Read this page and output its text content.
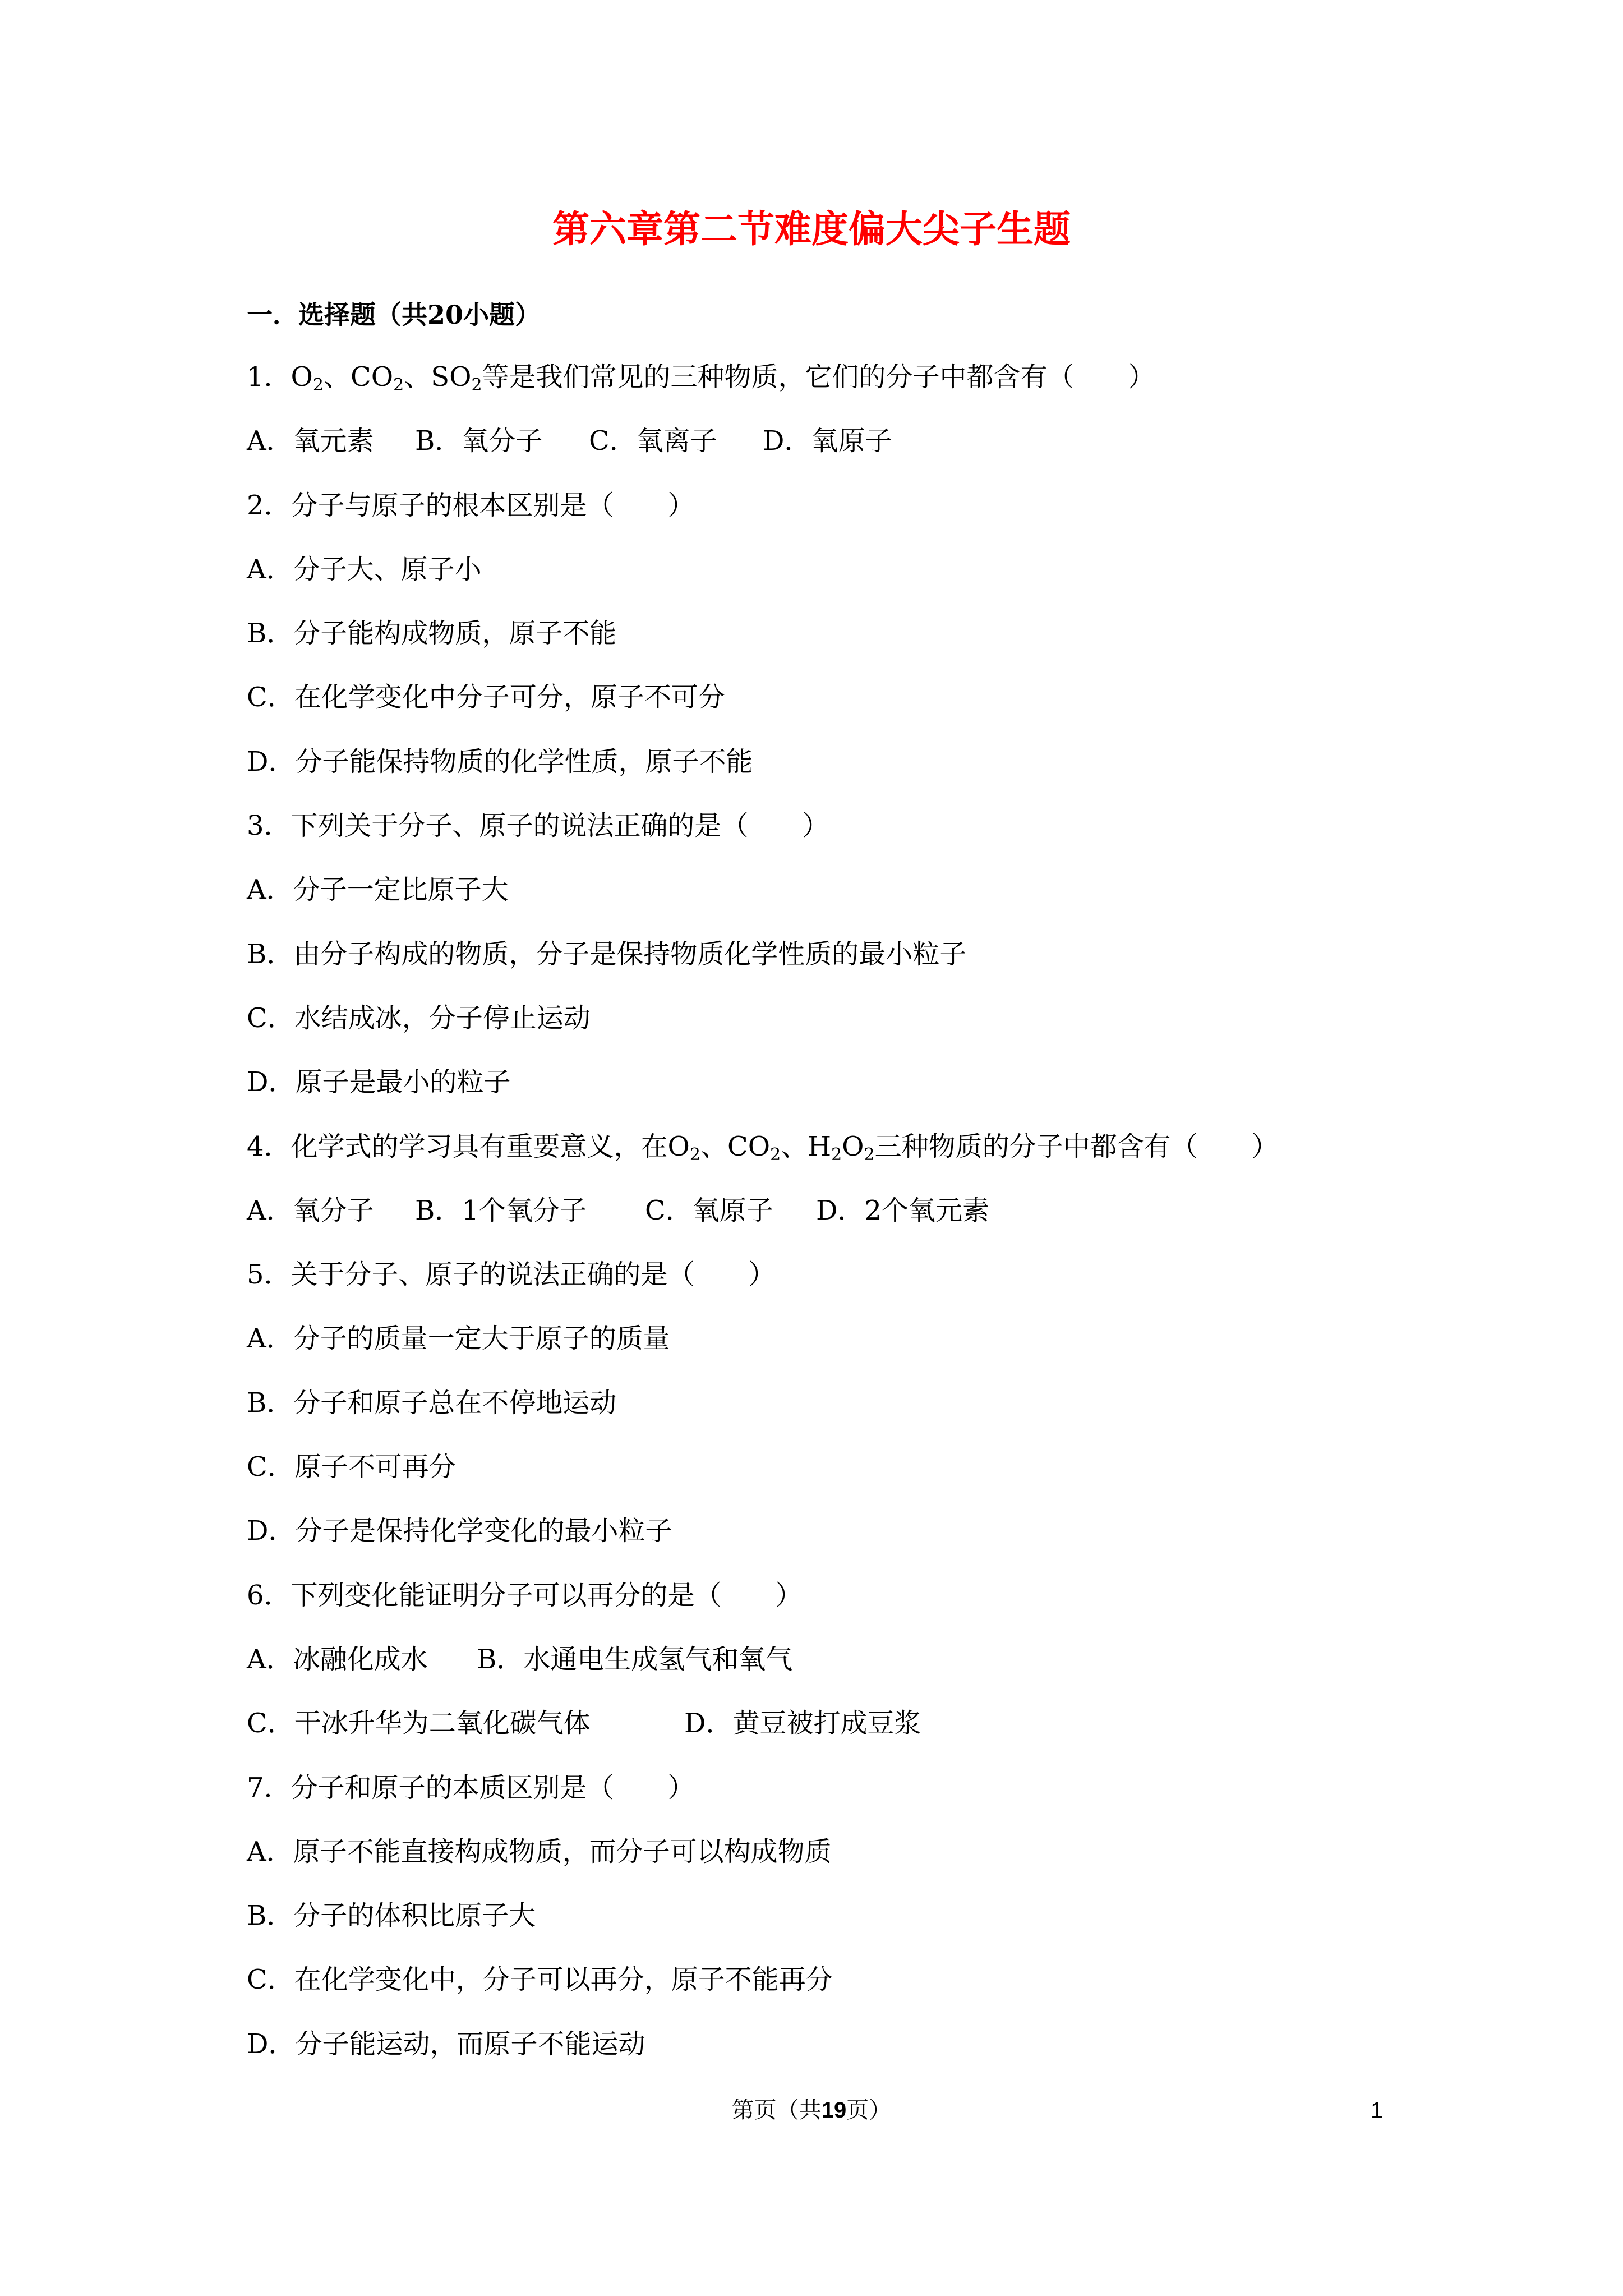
第六章第二节难度偏大尖子生题
一．选择题（共20小题）
1．$O_2$、$CO_2$、$SO_2$等是我们常见的三种物质，它们的分子中都含有（　　）
A．氧元素 B．氧分子 C．氧离子 D．氧原子
2．分子与原子的根本区别是（　　）
A．分子大、原子小
B．分子能构成物质，原子不能
C．在化学变化中分子可分，原子不可分
D．分子能保持物质的化学性质，原子不能
3．下列关于分子、原子的说法正确的是（　　）
A．分子一定比原子大
B．由分子构成的物质，分子是保持物质化学性质的最小粒子
C．水结成冰，分子停止运动
D．原子是最小的粒子
4．化学式的学习具有重要意义，在$O_2$、$CO_2$、$H_2O_2$三种物质的分子中都含有（　　）
A．氧分子 B．1个氧分子 C．氧原子 D．2个氧元素
5．关于分子、原子的说法正确的是（　　）
A．分子的质量一定大于原子的质量
B．分子和原子总在不停地运动
C．原子不可再分
D．分子是保持化学变化的最小粒子
6．下列变化能证明分子可以再分的是（　　）
A．冰融化成水 B．水通电生成氢气和氧气
C．干冰升华为二氧化碳气体	D．黄豆被打成豆浆
7．分子和原子的本质区别是（　　）
A．原子不能直接构成物质，而分子可以构成物质
B．分子的体积比原子大
C．在化学变化中，分子可以再分，原子不能再分
D．分子能运动，而原子不能运动
第页（共19页）	1
